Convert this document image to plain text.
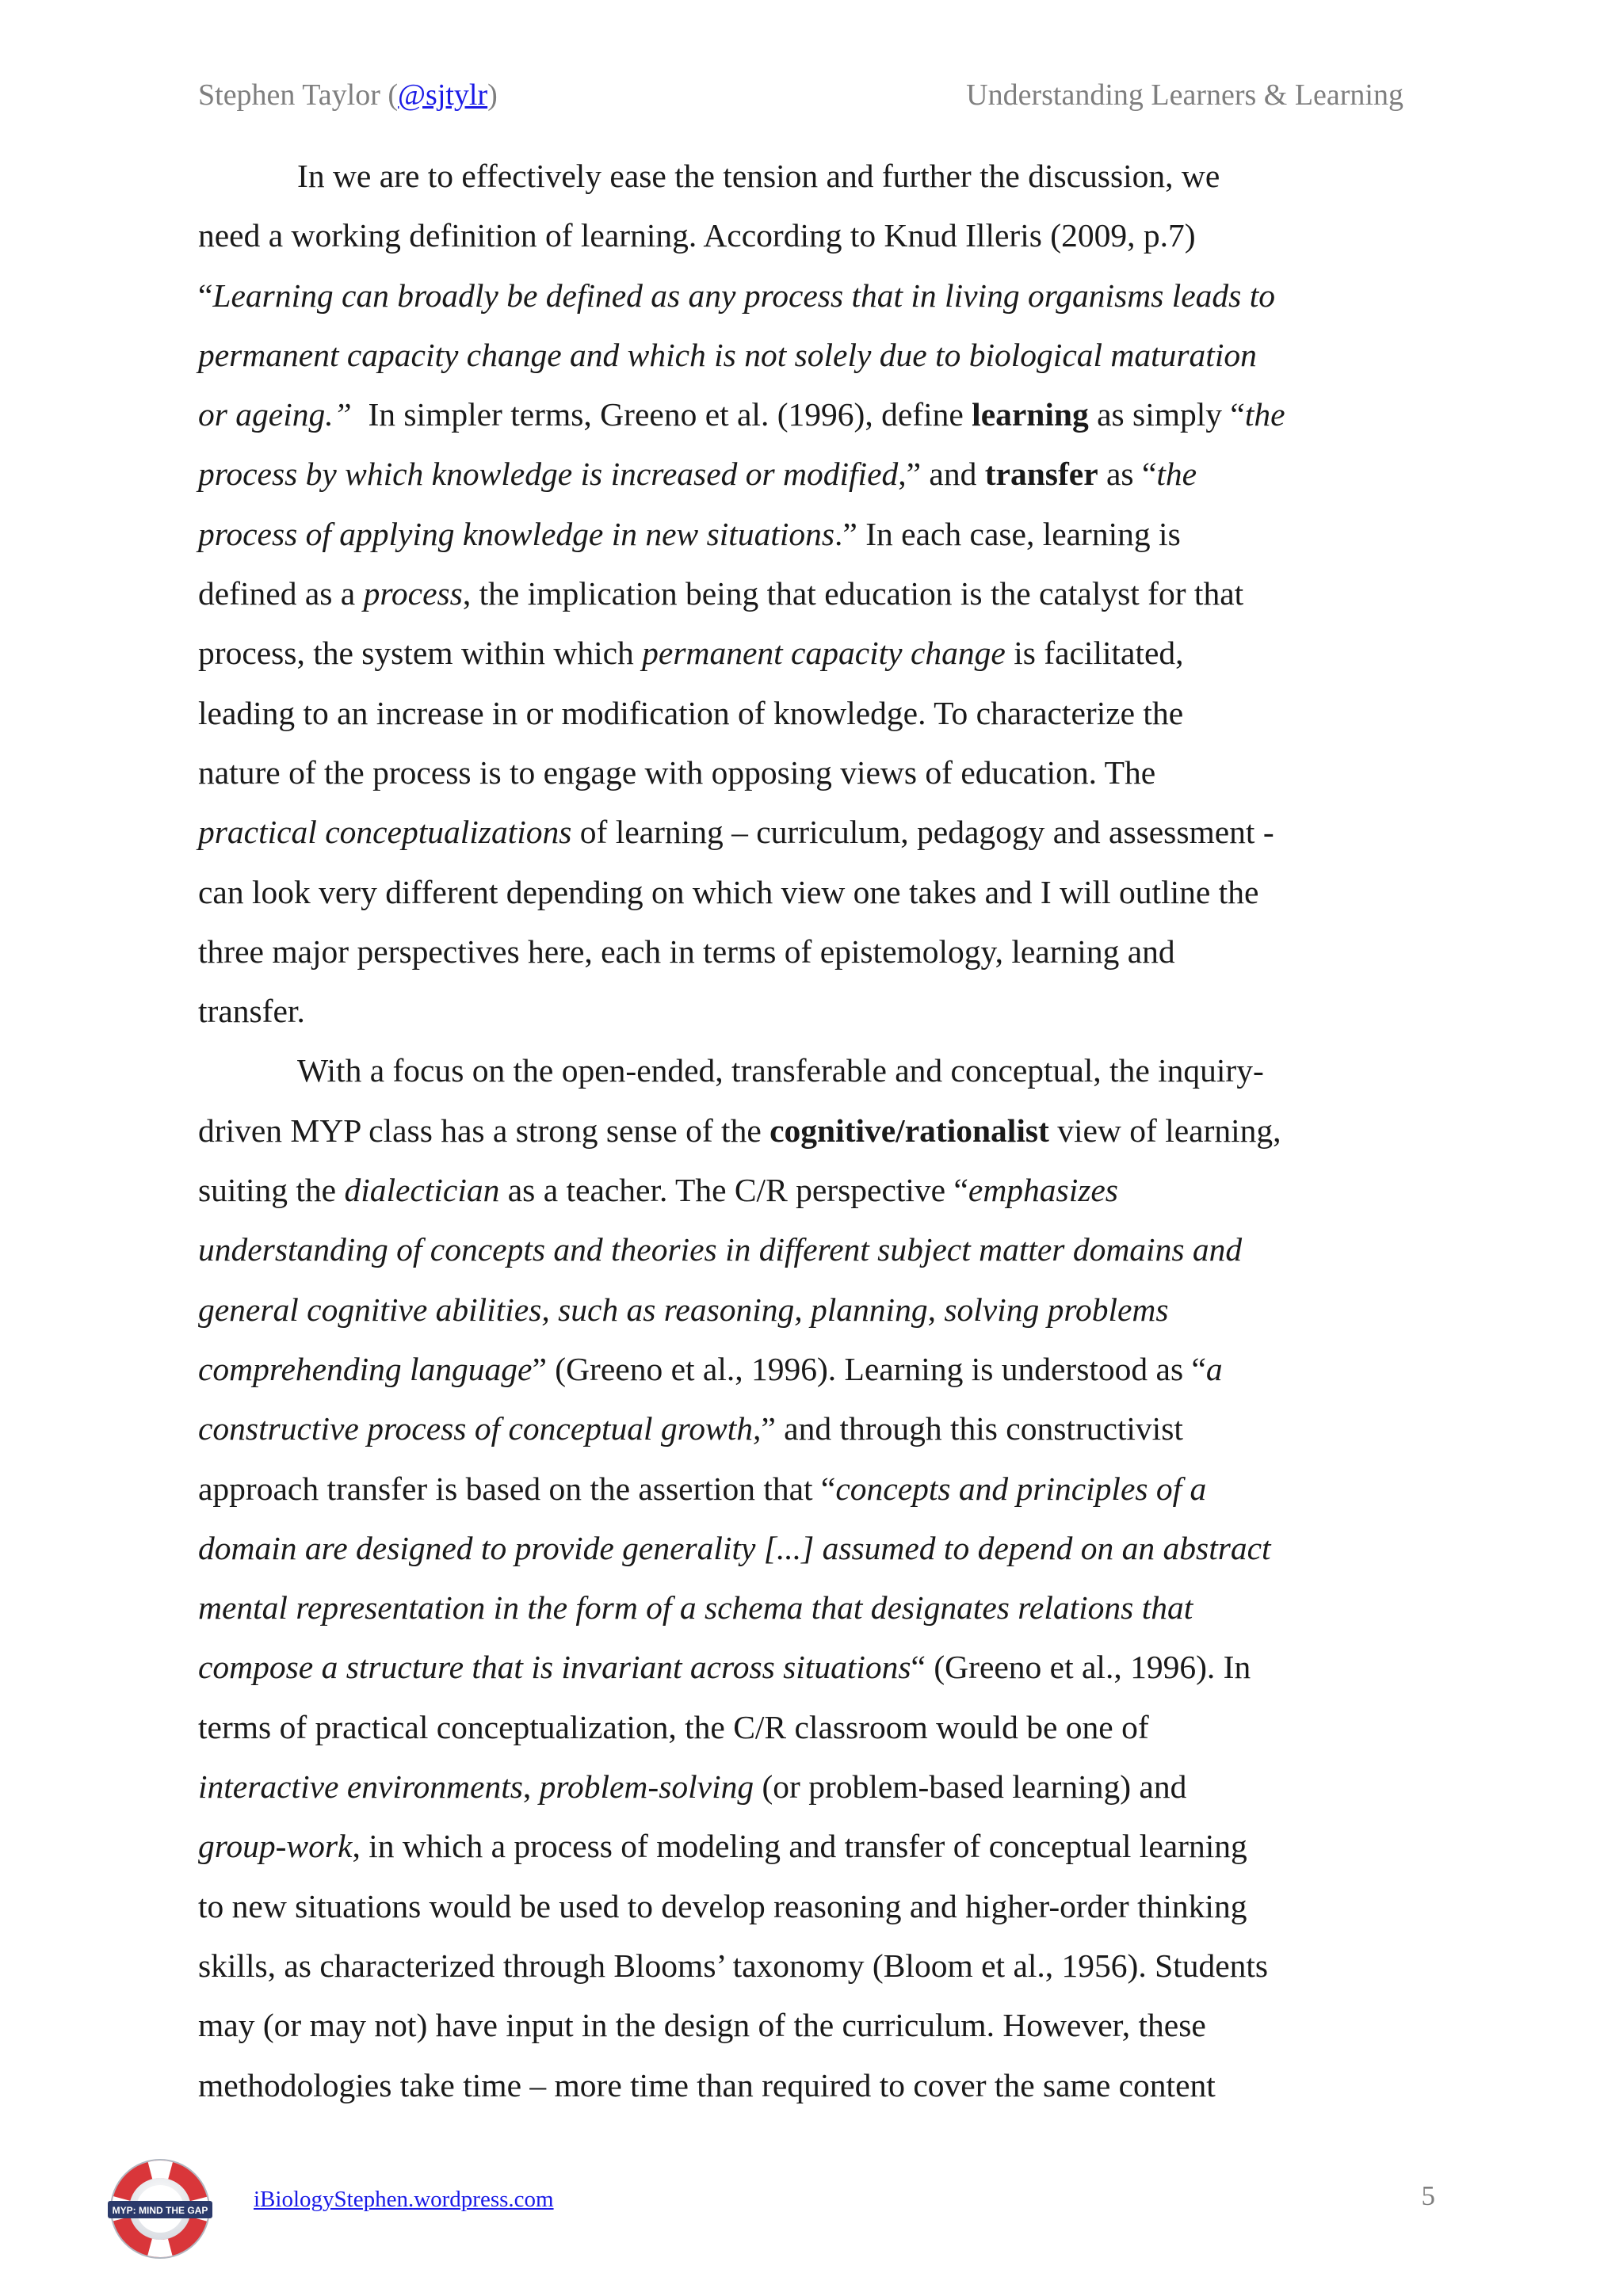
Stephen Taylor (@sjtylr)	Understanding Learners & Learning
In we are to effectively ease the tension and further the discussion, we
need a working definition of learning. According to Knud Illeris (2009, p.7)
“Learning can broadly be defined as any process that in living organisms leads to
permanent capacity change and which is not solely due to biological maturation
or ageing.”  In simpler terms, Greeno et al. (1996), define learning as simply “the
process by which knowledge is increased or modified,” and transfer as “the
process of applying knowledge in new situations.” In each case, learning is
defined as a process, the implication being that education is the catalyst for that
process, the system within which permanent capacity change is facilitated,
leading to an increase in or modification of knowledge. To characterize the
nature of the process is to engage with opposing views of education. The
practical conceptualizations of learning – curriculum, pedagogy and assessment -
can look very different depending on which view one takes and I will outline the
three major perspectives here, each in terms of epistemology, learning and
transfer.
With a focus on the open-ended, transferable and conceptual, the inquiry-
driven MYP class has a strong sense of the cognitive/rationalist view of learning,
suiting the dialectician as a teacher. The C/R perspective “emphasizes
understanding of concepts and theories in different subject matter domains and
general cognitive abilities, such as reasoning, planning, solving problems
comprehending language” (Greeno et al., 1996). Learning is understood as “a
constructive process of conceptual growth,” and through this constructivist
approach transfer is based on the assertion that “concepts and principles of a
domain are designed to provide generality [...] assumed to depend on an abstract
mental representation in the form of a schema that designates relations that
compose a structure that is invariant across situations“ (Greeno et al., 1996). In
terms of practical conceptualization, the C/R classroom would be one of
interactive environments, problem-solving (or problem-based learning) and
group-work, in which a process of modeling and transfer of conceptual learning
to new situations would be used to develop reasoning and higher-order thinking
skills, as characterized through Blooms’ taxonomy (Bloom et al., 1956). Students
may (or may not) have input in the design of the curriculum. However, these
methodologies take time – more time than required to cover the same content
MYP: MIND THE GAP iBiologyStephen.wordpress.com	5
